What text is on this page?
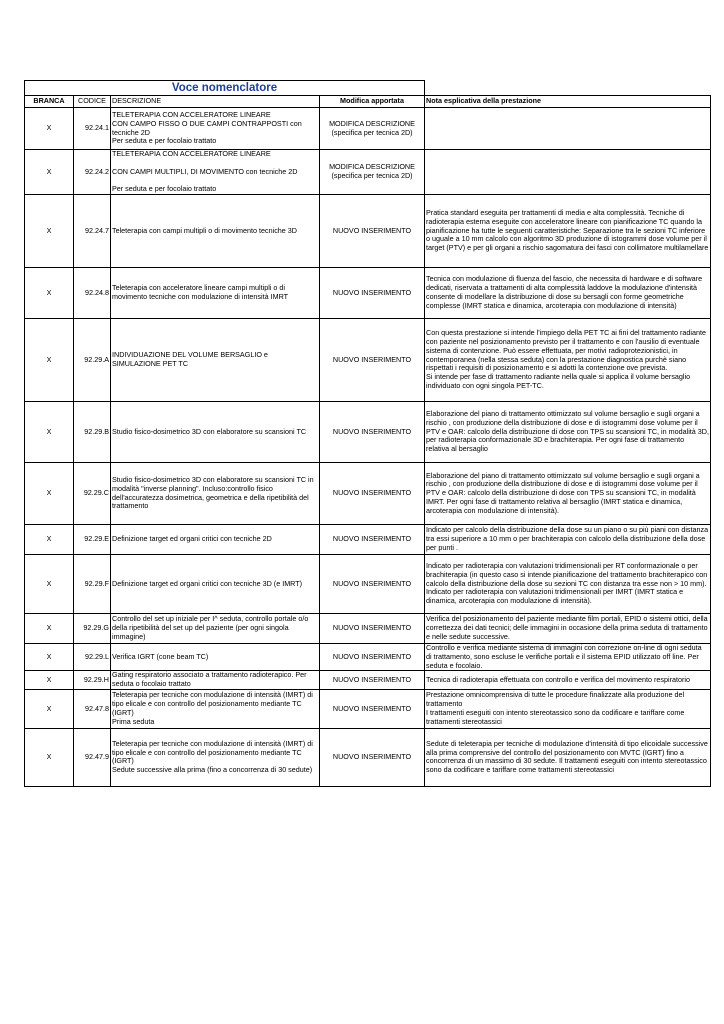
Voce nomenclatore				
BRANCA	CODICE	DESCRIZIONE	Modifica apportata	Nota esplicativa della prestazione

X	92.24.1	TELETERAPIA CON ACCELERATORE LINEARE
CON CAMPO FISSO O DUE CAMPI CONTRAPPOSTI con tecniche 2D
Per seduta e per focolaio trattato	MODIFICA DESCRIZIONE
(specifica per tecnica 2D)	

X	92.24.2	TELETERAPIA CON ACCELERATORE LINEARE

CON CAMPI MULTIPLI, DI MOVIMENTO con tecniche 2D

Per seduta e per focolaio trattato	MODIFICA DESCRIZIONE
(specifica per tecnica 2D)	

X	92.24.7	Teleterapia con campi multipli o di movimento tecniche 3D	NUOVO INSERIMENTO	Pratica standard eseguita per trattamenti di media e alta complessità. Tecniche di radioterapia esterna eseguite con acceleratore lineare con pianificazione TC quando la pianificazione ha tutte le seguenti caratteristiche: Separazione tra le sezioni TC inferiore o uguale a 10 mm calcolo con algoritmo 3D produzione di istogrammi dose volume per il target (PTV) e per gli organi a rischio sagomatura dei fasci con collimatore multilamellare

X	92.24.8	Teleterapia con acceleratore lineare campi multipli o di movimento tecniche con modulazione di intensità IMRT	NUOVO INSERIMENTO	Tecnica con modulazione di fluenza del fascio, che necessita di hardware e di software dedicati, riservata a trattamenti di alta complessità laddove la modulazione d'intensità consente di modellare la distribuzione di dose su bersagli con forme geometriche complesse (IMRT statica e dinamica, arcoterapia con modulazione di intensità)

X	92.29.A	INDIVIDUAZIONE DEL VOLUME BERSAGLIO e SIMULAZIONE PET TC	NUOVO INSERIMENTO	Con questa prestazione si intende l'impiego della PET TC ai fini del trattamento radiante con paziente nel posizionamento previsto per il trattamento e con l'ausilio di eventuale sistema di contenzione. Può essere effettuata, per motivi radioprotezionistici, in contemporanea (nella stessa seduta) con la prestazione diagnostica purchè siano rispettati i requisiti di posizionamento e si adotti la contenzione ove prevista.
Si intende per fase di trattamento radiante nella quale si applica il volume bersaglio individuato con ogni singola PET-TC.

X	92.29.B	Studio fisico-dosimetrico 3D con elaboratore su scansioni TC	NUOVO INSERIMENTO	Elaborazione del piano di trattamento ottimizzato sul volume bersaglio e sugli organi a rischio , con produzione della distribuzione di dose e di istogrammi dose volume per il PTV e OAR: calcolo della distribuzione di dose con TPS su scansioni TC, in modalità 3D, per radioterapia conformazionale 3D e brachiterapia. Per ogni fase di trattamento relativa al bersaglio

X	92.29.C	Studio fisico-dosimetrico 3D con elaboratore su scansioni TC in modalità "inverse planning". Incluso:controllo fisico dell'accuratezza dosimetrica, geometrica e della ripetibilità del trattamento	NUOVO INSERIMENTO	Elaborazione del piano di trattamento ottimizzato sul volume bersaglio e sugli organi a rischio , con produzione della distribuzione di dose e di istogrammi dose volume per il PTV e OAR: calcolo della distribuzione di dose con TPS su scansioni TC, in modalità IMRT. Per ogni fase di trattamento relativa al bersaglio (IMRT statica e dinamica, arcoterapia con modulazione di intensità).

X	92.29.E	Definizione target ed organi critici con tecniche 2D	NUOVO INSERIMENTO	Indicato per calcolo della distribuzione della dose su un piano o su più piani con distanza tra essi superiore a 10 mm o per brachiterapia con calcolo della distribuzione della dose per punti .

X	92.29.F	Definizione target ed organi critici con tecniche 3D (e IMRT)	NUOVO INSERIMENTO	Indicato per radioterapia con valutazioni tridimensionali per RT conformazionale o per brachiterapia (in questo caso si intende pianificazione del trattamento brachiterapico con calcolo della distribuzione della dose su sezioni TC con distanza tra esse non > 10 mm).
Indicato per radioterapia con valutazioni tridimensionali per IMRT (IMRT statica e dinamica, arcoterapia con modulazione di intensità).

X	92.29.G	Controllo del set up iniziale per I^ seduta, controllo portale o/o della ripetibilità del set up del paziente (per ogni singola immagine)	NUOVO INSERIMENTO	Verifica del posizionamento del paziente mediante film portali, EPID o sistemi ottici, della correttezza dei dati tecnici; delle immagini in occasione della prima seduta di trattamento e nelle sedute successive.

X	92.29.L	Verifica IGRT (cone beam TC)	NUOVO INSERIMENTO	Controllo e verifica mediante sistema di immagini con correzione on-line di ogni seduta di trattamento, sono escluse le verifiche portali e il sistema EPID utilizzato off line. Per seduta e focolaio.

X	92.29.H	Gating respiratorio associato a trattamento radioterapico. Per seduta o focolaio trattato	NUOVO INSERIMENTO	Tecnica di radioterapia effettuata con controllo e verifica del movimento respiratorio

X	92.47.8	Teleterapia per tecniche con modulazione di intensità (IMRT) di tipo elicale e con controllo del posizionamento mediante TC (IGRT)
Prima seduta	NUOVO INSERIMENTO	Prestazione omnicomprensiva di tutte le procedure finalizzate alla produzione del trattamento
I trattamenti eseguiti con intento stereotassico sono da codificare e tariffare come trattamenti stereotassici

X	92.47.9	Teleterapia per tecniche con modulazione di intensità (IMRT) di tipo elicale e con controllo del posizionamento mediante TC (IGRT)
Sedute successive alla prima (fino a concorrenza di 30 sedute)	NUOVO INSERIMENTO	Sedute di teleterapia per tecniche di modulazione d'intensità di tipo elicoidale successive alla prima comprensive del controllo del posizionamento con MVTC (IGRT) fino a concorrenza di un massimo di 30 sedute. Il trattamenti eseguiti con intento stereotassico sono da codificare e tariffare come trattamenti stereotassici
